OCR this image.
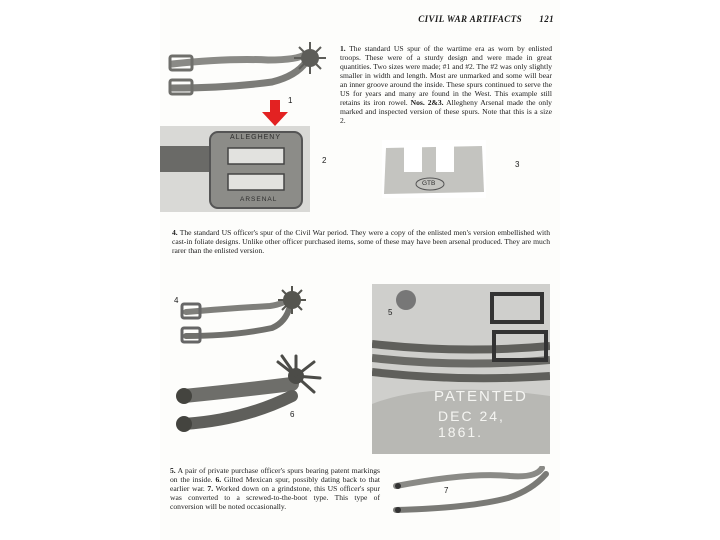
CIVIL WAR ARTIFACTS 121
1
ALLEGHENY
ARSENAL
2
GTB
3
1. The standard US spur of the wartime era as worn by enlisted troops. These were of a sturdy design and were made in great quantities. Two sizes were made; #1 and #2. The #2 was only slightly smaller in width and length. Most are unmarked and some will bear an inner groove around the inside. These spurs continued to serve the US for years and many are found in the West. This example still retains its iron rowel. Nos. 2&3. Allegheny Arsenal made the only marked and inspected version of these spurs. Note that this is a size 2.
4. The standard US officer's spur of the Civil War period. They were a copy of the enlisted men's version embellished with cast-in foliate designs. Unlike other officer purchased items, some of these may have been arsenal produced. They are much rarer than the enlisted version.
4
6
PATENTED
DEC 24, 1861.
5
5. A pair of private purchase officer's spurs bearing patent markings on the inside. 6. Gilted Mexican spur, possibly dating back to that earlier war. 7. Worked down on a grindstone, this US officer's spur was converted to a screwed-to-the-boot type. This type of conversion will be noted occasionally.
7
